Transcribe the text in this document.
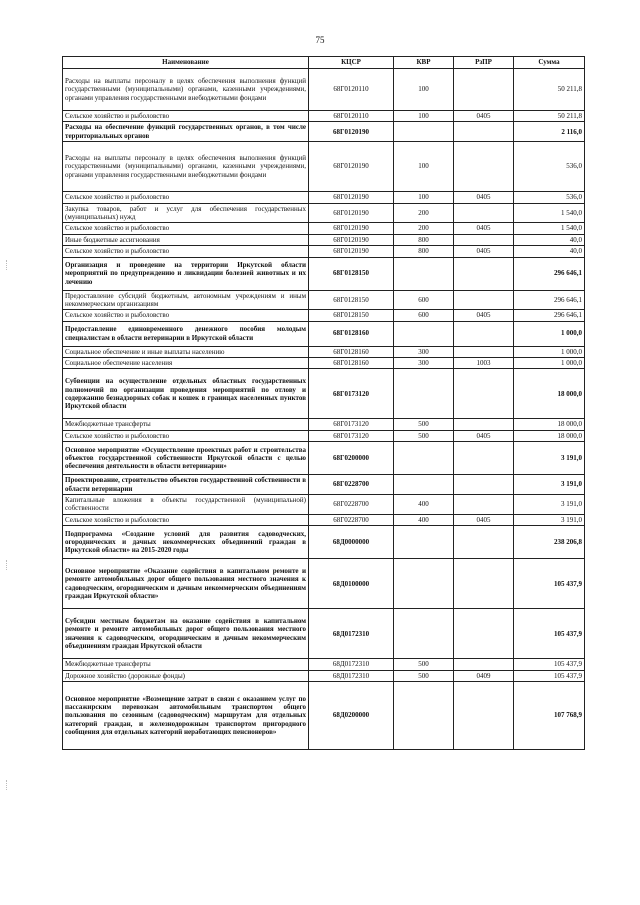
75
Наименование	КЦСР	КВР	РзПР	Сумма
Расходы на выплаты персоналу в целях обеспечения выполнения функций государственными (муниципальными) органами, казенными учреждениями, органами управления государственными внебюджетными фондами	68Г0120110	100		50 211,8
Сельское хозяйство и рыболовство	68Г0120110	100	0405	50 211,8
Расходы на обеспечение функций государственных органов, в том числе территориальных органов	68Г0120190			2 116,0
Расходы на выплаты персоналу в целях обеспечения выполнения функций государственными (муниципальными) органами, казенными учреждениями, органами управления государственными внебюджетными фондами	68Г0120190	100		536,0
Сельское хозяйство и рыболовство	68Г0120190	100	0405	536,0
Закупка товаров, работ и услуг для обеспечения государственных (муниципальных) нужд	68Г0120190	200		1 540,0
Сельское хозяйство и рыболовство	68Г0120190	200	0405	1 540,0
Иные бюджетные ассигнования	68Г0120190	800		40,0
Сельское хозяйство и рыболовство	68Г0120190	800	0405	40,0
Организация и проведение на территории Иркутской области мероприятий по предупреждению и ликвидации болезней животных и их лечению	68Г0128150			296 646,1
Предоставление субсидий бюджетным, автономным учреждениям и иным некоммерческим организациям	68Г0128150	600		296 646,1
Сельское хозяйство и рыболовство	68Г0128150	600	0405	296 646,1
Предоставление единовременного денежного пособия молодым специалистам в области ветеринарии в Иркутской области	68Г0128160			1 000,0
Социальное обеспечение и иные выплаты населению	68Г0128160	300		1 000,0
Социальное обеспечение населения	68Г0128160	300	1003	1 000,0
Субвенции на осуществление отдельных областных государственных полномочий по организации проведения мероприятий по отлову и содержанию безнадзорных собак и кошек в границах населенных пунктов Иркутской области	68Г0173120			18 000,0
Межбюджетные трансферты	68Г0173120	500		18 000,0
Сельское хозяйство и рыболовство	68Г0173120	500	0405	18 000,0
Основное мероприятие «Осуществление проектных работ и строительства объектов государственной собственности Иркутской области с целью обеспечения деятельности в области ветеринарии»	68Г0200000			3 191,0
Проектирование, строительство объектов государственной собственности в области ветеринарии	68Г0228700			3 191,0
Капитальные вложения в объекты государственной (муниципальной) собственности	68Г0228700	400		3 191,0
Сельское хозяйство и рыболовство	68Г0228700	400	0405	3 191,0
Подпрограмма «Создание условий для развития садоводческих, огороднических и дачных некоммерческих объединений граждан в Иркутской области» на 2015-2020 годы	68Д0000000			238 206,8
Основное мероприятие «Оказание содействия в капитальном ремонте и ремонте автомобильных дорог общего пользования местного значения к садоводческим, огородническим и дачным некоммерческим объединениям граждан Иркутской области»	68Д0100000			105 437,9
Субсидии местным бюджетам на оказание содействия в капитальном ремонте и ремонте автомобильных дорог общего пользования местного значения к садоводческим, огородническим и дачным некоммерческим объединениям граждан Иркутской области	68Д0172310			105 437,9
Межбюджетные трансферты	68Д0172310	500		105 437,9
Дорожное хозяйство (дорожные фонды)	68Д0172310	500	0409	105 437,9
Основное мероприятие «Возмещение затрат в связи с оказанием услуг по пассажирским перевозкам автомобильным транспортом общего пользования по сезонным (садоводческим) маршрутам для отдельных категорий граждан, и железнодорожным транспортом пригородного сообщения для отдельных категорий неработающих пенсионеров»	68Д0200000			107 768,9
